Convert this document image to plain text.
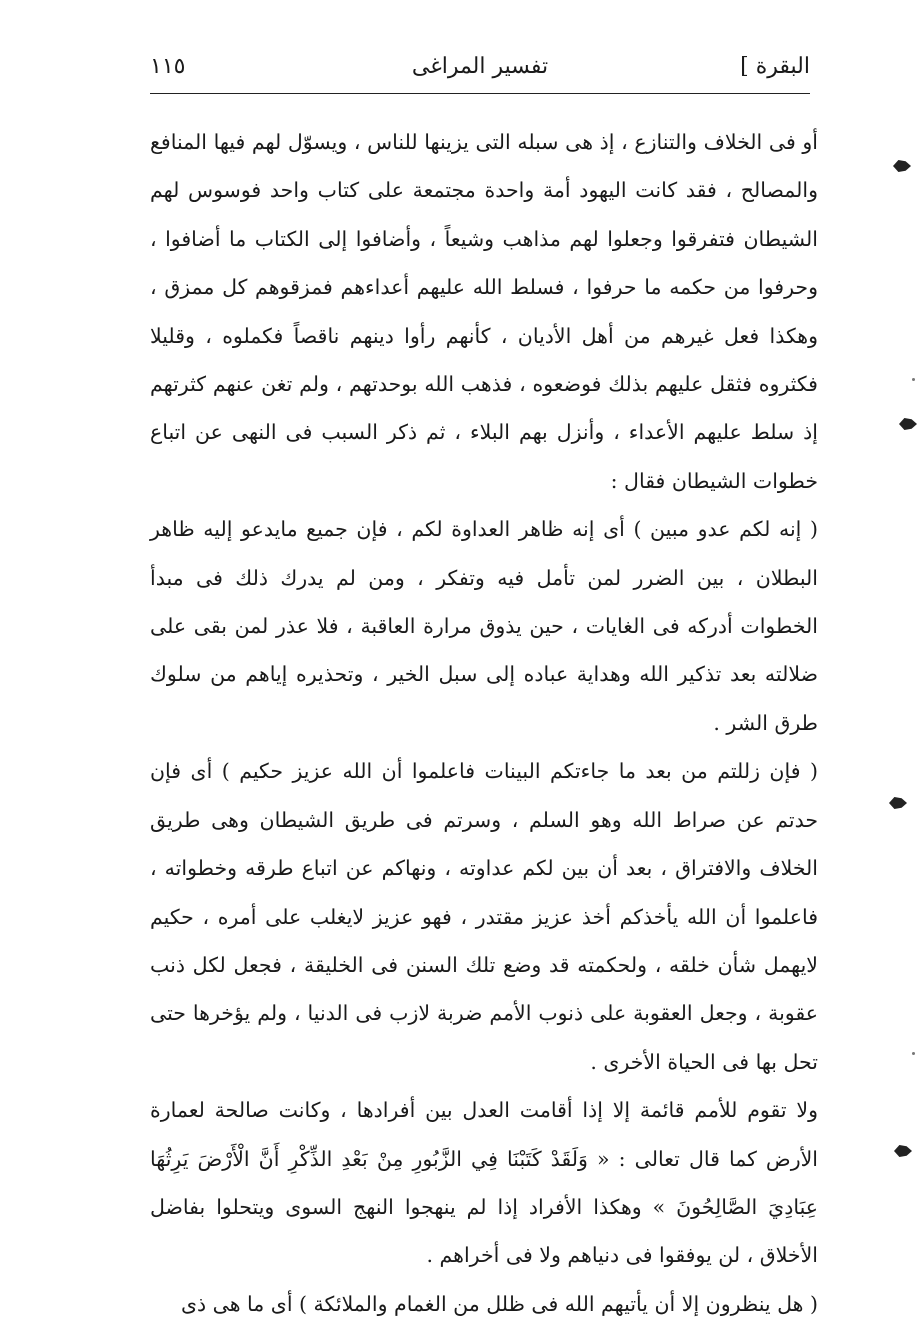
البقرة ]
تفسير المراغى
١١٥

أو فى الخلاف والتنازع ، إذ هى سبله التى يزينها للناس ، ويسوّل لهم فيها المنافع والمصالح ، فقد كانت اليهود أمة واحدة مجتمعة على كتاب واحد فوسوس لهم الشيطان فتفرقوا وجعلوا لهم مذاهب وشيعاً ، وأضافوا إلى الكتاب ما أضافوا ، وحرفوا من حكمه ما حرفوا ، فسلط الله عليهم أعداءهم فمزقوهم كل ممزق ، وهكذا فعل غيرهم من أهل الأديان ، كأنهم رأوا دينهم ناقصاً فكملوه ، وقليلا فكثروه فثقل عليهم بذلك فوضعوه ، فذهب الله بوحدتهم ، ولم تغن عنهم كثرتهم إذ سلط عليهم الأعداء ، وأنزل بهم البلاء ، ثم ذكر السبب فى النهى عن اتباع خطوات الشيطان فقال :

( إنه لكم عدو مبين ) أى إنه ظاهر العداوة لكم ، فإن جميع مايدعو إليه ظاهر البطلان ، بين الضرر لمن تأمل فيه وتفكر ، ومن لم يدرك ذلك فى مبدأ الخطوات أدركه فى الغايات ، حين يذوق مرارة العاقبة ، فلا عذر لمن بقى على ضلالته بعد تذكير الله وهداية عباده إلى سبل الخير ، وتحذيره إياهم من سلوك طرق الشر .

( فإن زللتم من بعد ما جاءتكم البينات فاعلموا أن الله عزيز حكيم ) أى فإن حدتم عن صراط الله وهو السلم ، وسرتم فى طريق الشيطان وهى طريق الخلاف والافتراق ، بعد أن بين لكم عداوته ، ونهاكم عن اتباع طرقه وخطواته ، فاعلموا أن الله يأخذكم أخذ عزيز مقتدر ، فهو عزيز لايغلب على أمره ، حكيم لايهمل شأن خلقه ، ولحكمته قد وضع تلك السنن فى الخليقة ، فجعل لكل ذنب عقوبة ، وجعل العقوبة على ذنوب الأمم ضربة لازب فى الدنيا ، ولم يؤخرها حتى تحل بها فى الحياة الأخرى .

ولا تقوم للأمم قائمة إلا إذا أقامت العدل بين أفرادها ، وكانت صالحة لعمارة الأرض كما قال تعالى : « وَلَقَدْ كَتَبْنَا فِي الزَّبُورِ مِنْ بَعْدِ الذِّكْرِ أَنَّ الْأَرْضَ يَرِثُهَا عِبَادِيَ الصَّالِحُونَ » وهكذا الأفراد إذا لم ينهجوا النهج السوى ويتحلوا بفاضل الأخلاق ، لن يوفقوا فى دنياهم ولا فى أخراهم .

( هل ينظرون إلا أن يأتيهم الله فى ظلل من الغمام والملائكة ) أى ما هى ذى
